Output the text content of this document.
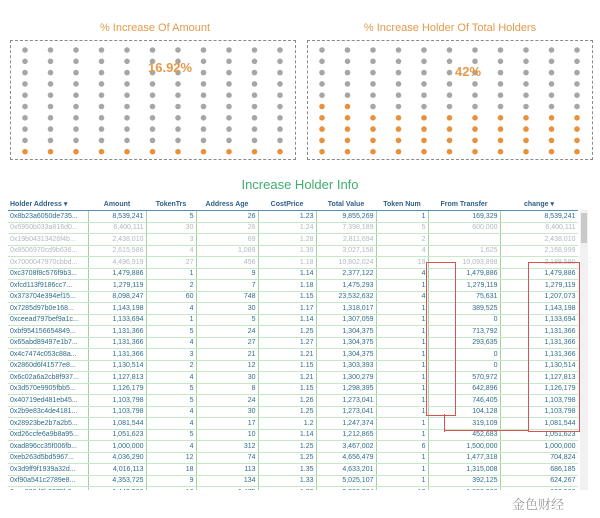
% Increase Of Amount	% Increase Holder Of Total Holders
16.92%	42%
Increase Holder Info
Holder Address ▾	Amount	TokenTrs	Address Age	CostPrice	Total Value	Token Num	From Transfer	change ▾
0x8b23a6050de735...	8,539,241	5	26	1.23	9,855,269	1	169,329	8,539,241
0x6950b033a816d0...	6,400,111	30	26	1.24	7,398,189	5	600,000	6,400,111
0x19b04313426f4b...	2,438,010	3	69	1.28	2,811,694	2		2,438,010
0x8506970cd9b636...	2,615,586	4	1,089	1.39	3,027,158	4	1,625	2,168,999
0x7000047970cbbd...	4,496,919	27	456	1.18	10,802,024	19	10,093,898	2,188,590
0xc3708f8c576f9b3...	1,479,886	1	9	1.14	2,377,122	4	1,479,886	1,479,886
0xfcd113f9186cc7...	1,279,119	2	7	1.18	1,475,293	1	1,279,119	1,279,119
0x373704e394ef15...	8,098,247	60	748	1.15	23,532,632	4	75,631	1,207,073
0x7285d97b0e168...	1,143,198	4	30	1.17	1,318,017	1	389,525	1,143,198
0xceead797bef9a1c...	1,133,694	1	5	1.14	1,307,059	1	0	1,133,694
0xbf954156654849...	1,131,366	5	24	1.25	1,304,375	1	713,792	1,131,366
0x65abd89497e1b7...	1,131,366	4	27	1.27	1,304,375	1	293,635	1,131,366
0x4c7474c053c88a...	1,131,366	3	21	1.21	1,304,375	1	0	1,131,366
0x2860d6f41577e8...	1,130,514	2	12	1.15	1,303,393	1	0	1,130,514
0x6c02a6a2cb8f937...	1,127,813	4	30	1.21	1,300,279	1	570,972	1,127,813
0x3d570e9905fbb5...	1,126,179	5	8	1.15	1,298,395	1	642,896	1,126,179
0x40719ed481eb45...	1,103,798	5	24	1.26	1,273,041	1	746,405	1,103,798
0x2b9e83c4de4181...	1,103,798	4	30	1.25	1,273,041	1	104,128	1,103,798
0x28923be2b7a2b5...	1,081,544	4	17	1.2	1,247,374	1	319,109	1,081,544
0xd26ccfe6a9b8a95...	1,051,623	5	10	1.14	1,212,865	1	452,683	1,051,623
0xad896cc35f006fb...	1,000,000	4	312	1.25	3,467,002	6	1,500,000	1,000,000
0xeb263d5bd5967...	4,036,290	12	74	1.25	4,656,479	1	1,477,318	704,824
0x3d9ff9f1939a32d...	4,016,113	18	113	1.35	4,633,201	1	1,315,008	686,185
0xf90a541c2789e8...	4,353,725	9	134	1.33	5,025,107	1	392,125	624,267

金色财经
